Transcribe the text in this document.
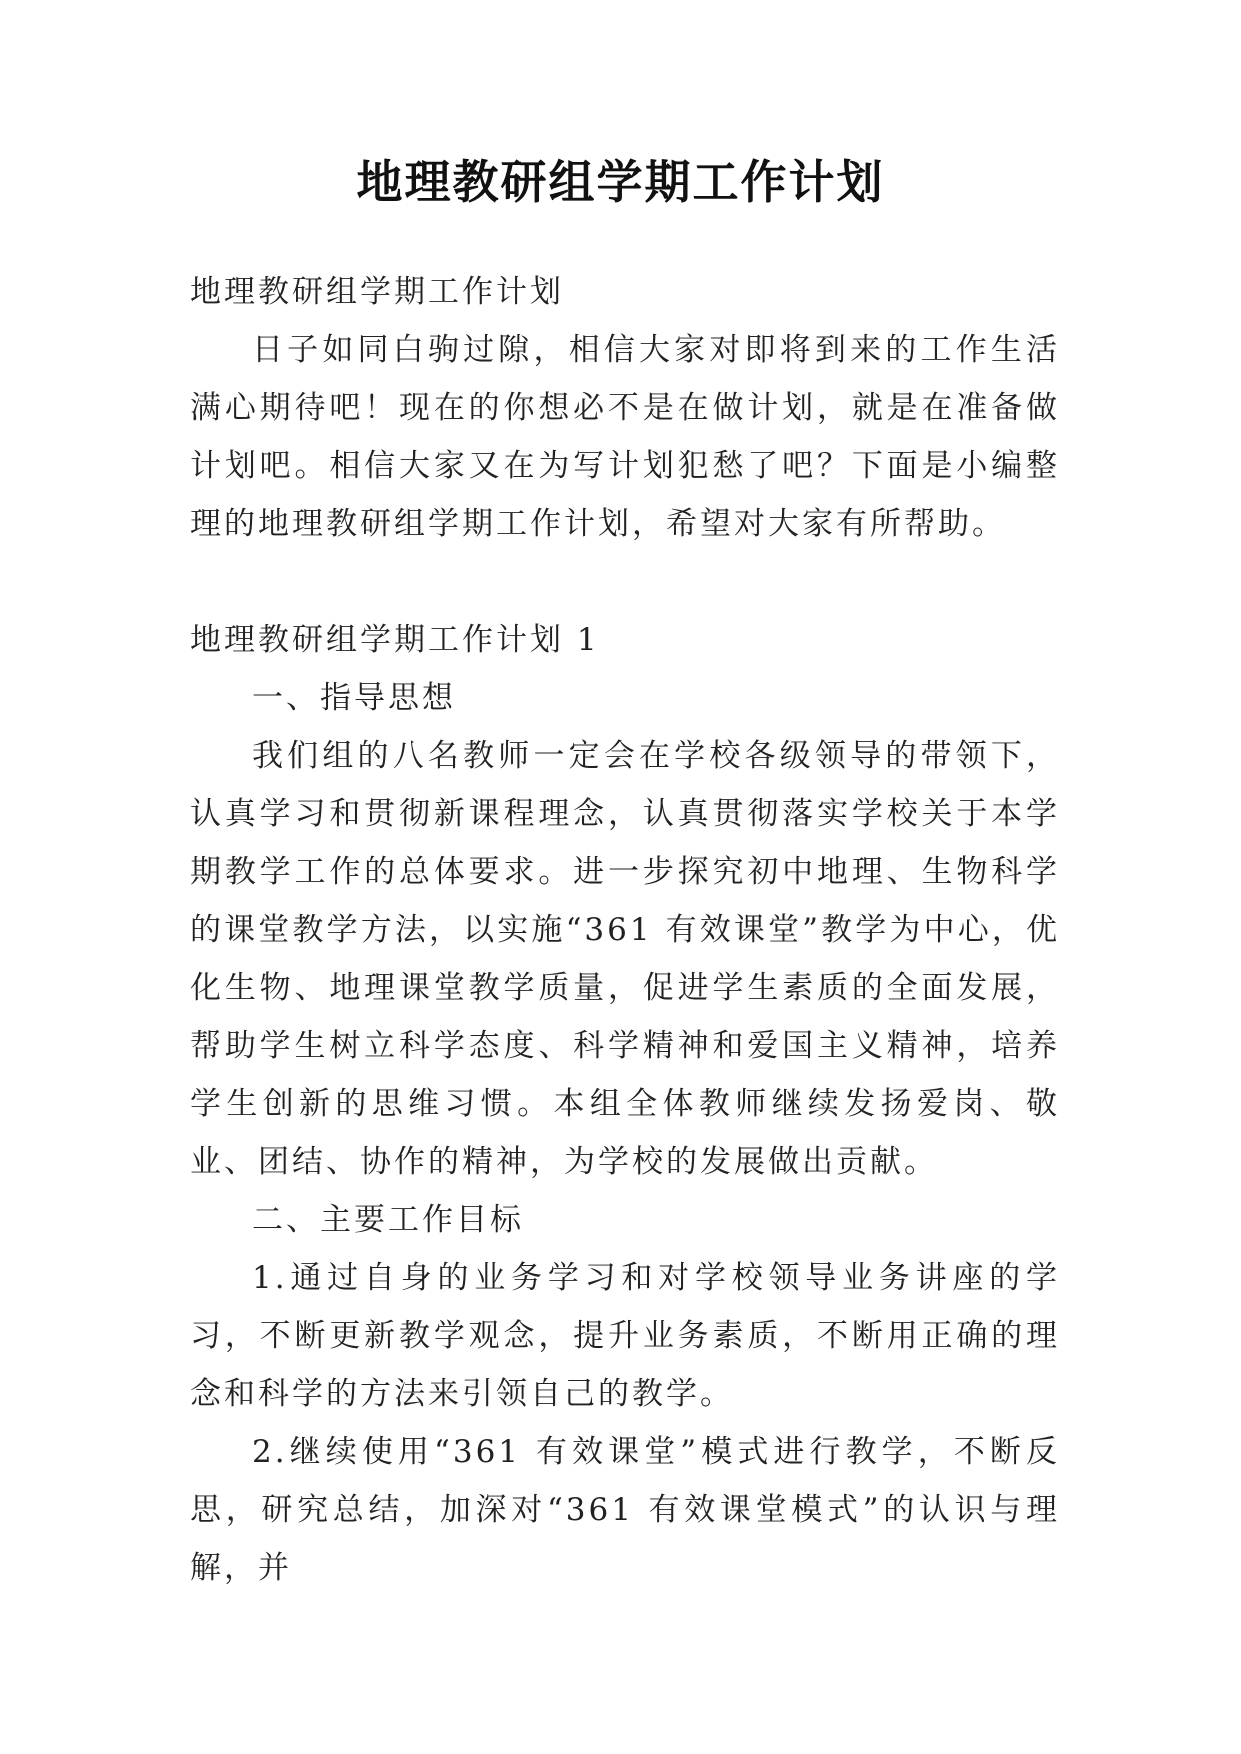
地理教研组学期工作计划

地理教研组学期工作计划

日子如同白驹过隙，相信大家对即将到来的工作生活满心期待吧！现在的你想必不是在做计划，就是在准备做计划吧。相信大家又在为写计划犯愁了吧？下面是小编整理的地理教研组学期工作计划，希望对大家有所帮助。

地理教研组学期工作计划 1

一、指导思想

我们组的八名教师一定会在学校各级领导的带领下，认真学习和贯彻新课程理念，认真贯彻落实学校关于本学期教学工作的总体要求。进一步探究初中地理、生物科学的课堂教学方法，以实施“361 有效课堂”教学为中心，优化生物、地理课堂教学质量，促进学生素质的全面发展，帮助学生树立科学态度、科学精神和爱国主义精神，培养学生创新的思维习惯。本组全体教师继续发扬爱岗、敬业、团结、协作的精神，为学校的发展做出贡献。

二、主要工作目标

1.通过自身的业务学习和对学校领导业务讲座的学习，不断更新教学观念，提升业务素质，不断用正确的理念和科学的方法来引领自己的教学。

2.继续使用“361 有效课堂”模式进行教学，不断反思，研究总结，加深对“361 有效课堂模式”的认识与理解，并
